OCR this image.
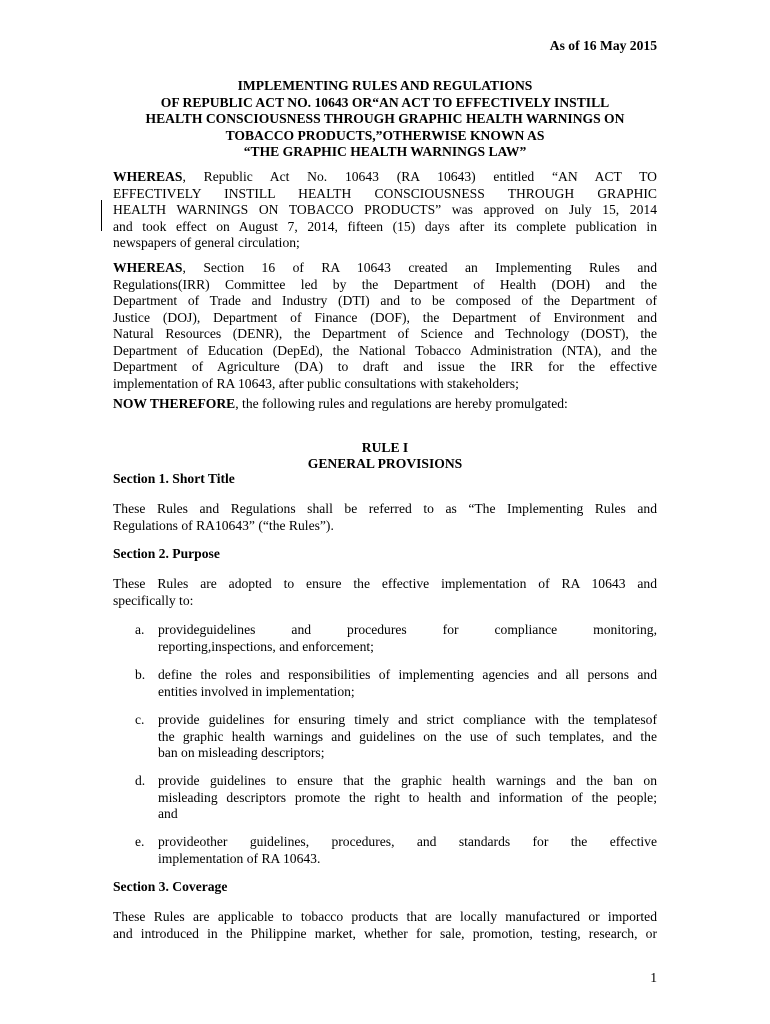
As of 16 May 2015
IMPLEMENTING RULES AND REGULATIONS
OF REPUBLIC ACT NO. 10643 OR“AN ACT TO EFFECTIVELY INSTILL
HEALTH CONSCIOUSNESS THROUGH GRAPHIC HEALTH WARNINGS ON
TOBACCO PRODUCTS,”OTHERWISE KNOWN AS
“THE GRAPHIC HEALTH WARNINGS LAW”
WHEREAS, Republic Act No. 10643 (RA 10643) entitled “AN ACT TO
EFFECTIVELY INSTILL HEALTH CONSCIOUSNESS THROUGH GRAPHIC
HEALTH WARNINGS ON TOBACCO PRODUCTS” was approved on July 15, 2014
and took effect on August 7, 2014, fifteen (15) days after its complete publication in
newspapers of general circulation;
WHEREAS, Section 16 of RA 10643 created an Implementing Rules and
Regulations(IRR) Committee led by the Department of Health (DOH) and the
Department of Trade and Industry (DTI) and to be composed of the Department of
Justice (DOJ), Department of Finance (DOF), the Department of Environment and
Natural Resources (DENR), the Department of Science and Technology (DOST), the
Department of Education (DepEd), the National Tobacco Administration (NTA), and the
Department of Agriculture (DA) to draft and issue the IRR for the effective
implementation of RA 10643, after public consultations with stakeholders;
NOW THEREFORE, the following rules and regulations are hereby promulgated:
RULE I
GENERAL PROVISIONS
Section 1. Short Title
These Rules and Regulations shall be referred to as “The Implementing Rules and
Regulations of RA10643” (“the Rules”).
Section 2. Purpose
These Rules are adopted to ensure the effective implementation of RA 10643 and
specifically to:
a. provideguidelines and procedures for compliance monitoring,
reporting,inspections, and enforcement;
b. define the roles and responsibilities of implementing agencies and all persons and
entities involved in implementation;
c. provide guidelines for ensuring timely and strict compliance with the templatesof
the graphic health warnings and guidelines on the use of such templates, and the
ban on misleading descriptors;
d. provide guidelines to ensure that the graphic health warnings and the ban on
misleading descriptors promote the right to health and information of the people;
and
e. provideother guidelines, procedures, and standards for the effective
implementation of RA 10643.
Section 3. Coverage
These Rules are applicable to tobacco products that are locally manufactured or imported
and introduced in the Philippine market, whether for sale, promotion, testing, research, or
1
